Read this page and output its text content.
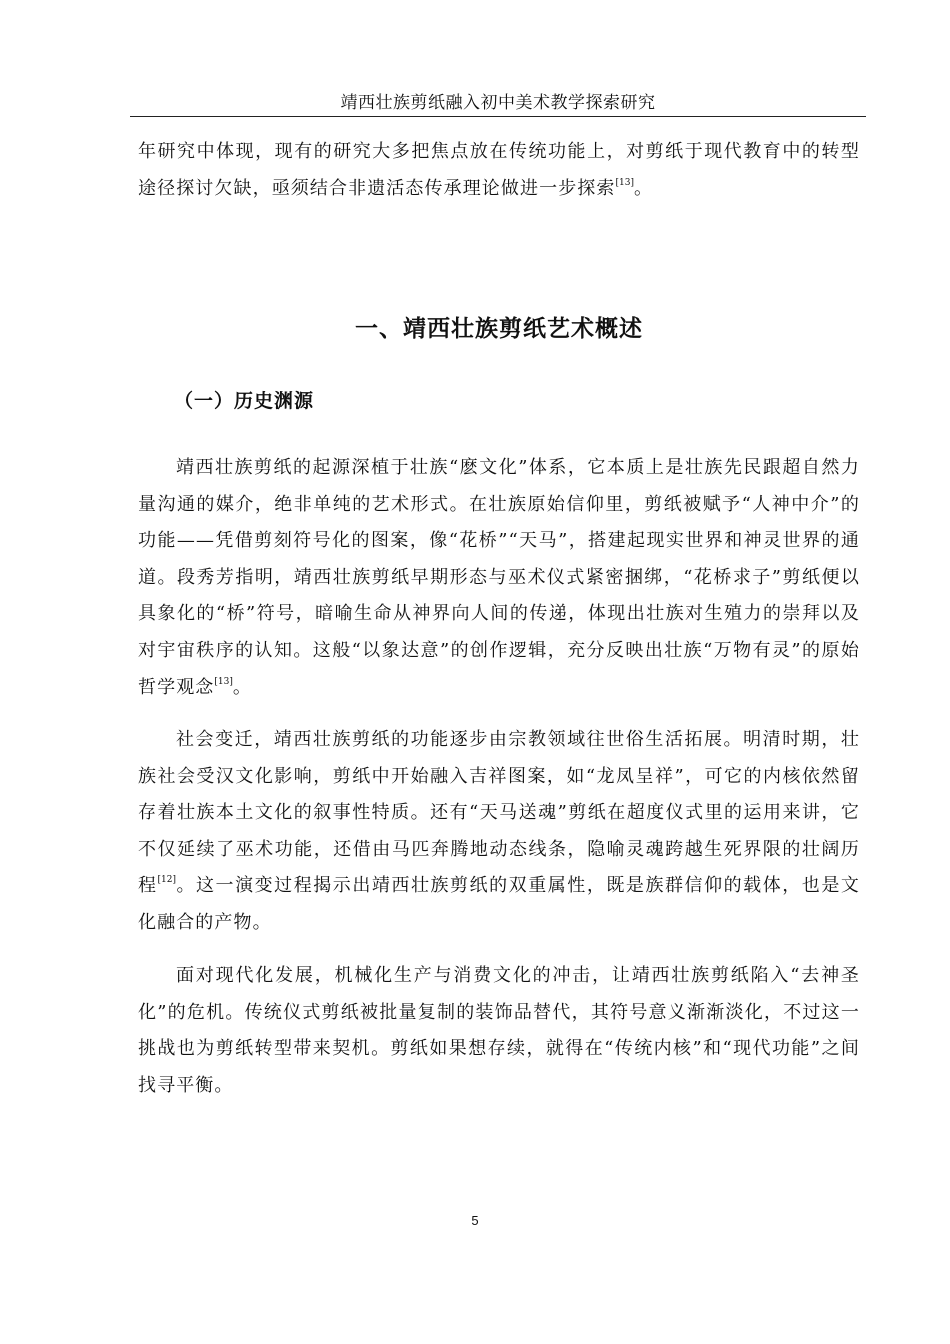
靖西壮族剪纸融入初中美术教学探索研究

年研究中体现，现有的研究大多把焦点放在传统功能上，对剪纸于现代教育中的转型途径探讨欠缺，亟须结合非遗活态传承理论做进一步探索[13]。

一、靖西壮族剪纸艺术概述
（一）历史渊源

靖西壮族剪纸的起源深植于壮族“麽文化”体系，它本质上是壮族先民跟超自然力量沟通的媒介，绝非单纯的艺术形式。在壮族原始信仰里，剪纸被赋予“人神中介”的功能——凭借剪刻符号化的图案，像“花桥”“天马”，搭建起现实世界和神灵世界的通道。段秀芳指明，靖西壮族剪纸早期形态与巫术仪式紧密捆绑，“花桥求子”剪纸便以具象化的“桥”符号，暗喻生命从神界向人间的传递，体现出壮族对生殖力的崇拜以及对宇宙秩序的认知。这般“以象达意”的创作逻辑，充分反映出壮族“万物有灵”的原始哲学观念[13]。

社会变迁，靖西壮族剪纸的功能逐步由宗教领域往世俗生活拓展。明清时期，壮族社会受汉文化影响，剪纸中开始融入吉祥图案，如“龙凤呈祥”，可它的内核依然留存着壮族本土文化的叙事性特质。还有“天马送魂”剪纸在超度仪式里的运用来讲，它不仅延续了巫术功能，还借由马匹奔腾地动态线条，隐喻灵魂跨越生死界限的壮阔历程[12]。这一演变过程揭示出靖西壮族剪纸的双重属性，既是族群信仰的载体，也是文化融合的产物。

面对现代化发展，机械化生产与消费文化的冲击，让靖西壮族剪纸陷入“去神圣化”的危机。传统仪式剪纸被批量复制的装饰品替代，其符号意义渐渐淡化，不过这一挑战也为剪纸转型带来契机。剪纸如果想存续，就得在“传统内核”和“现代功能”之间找寻平衡。

5
